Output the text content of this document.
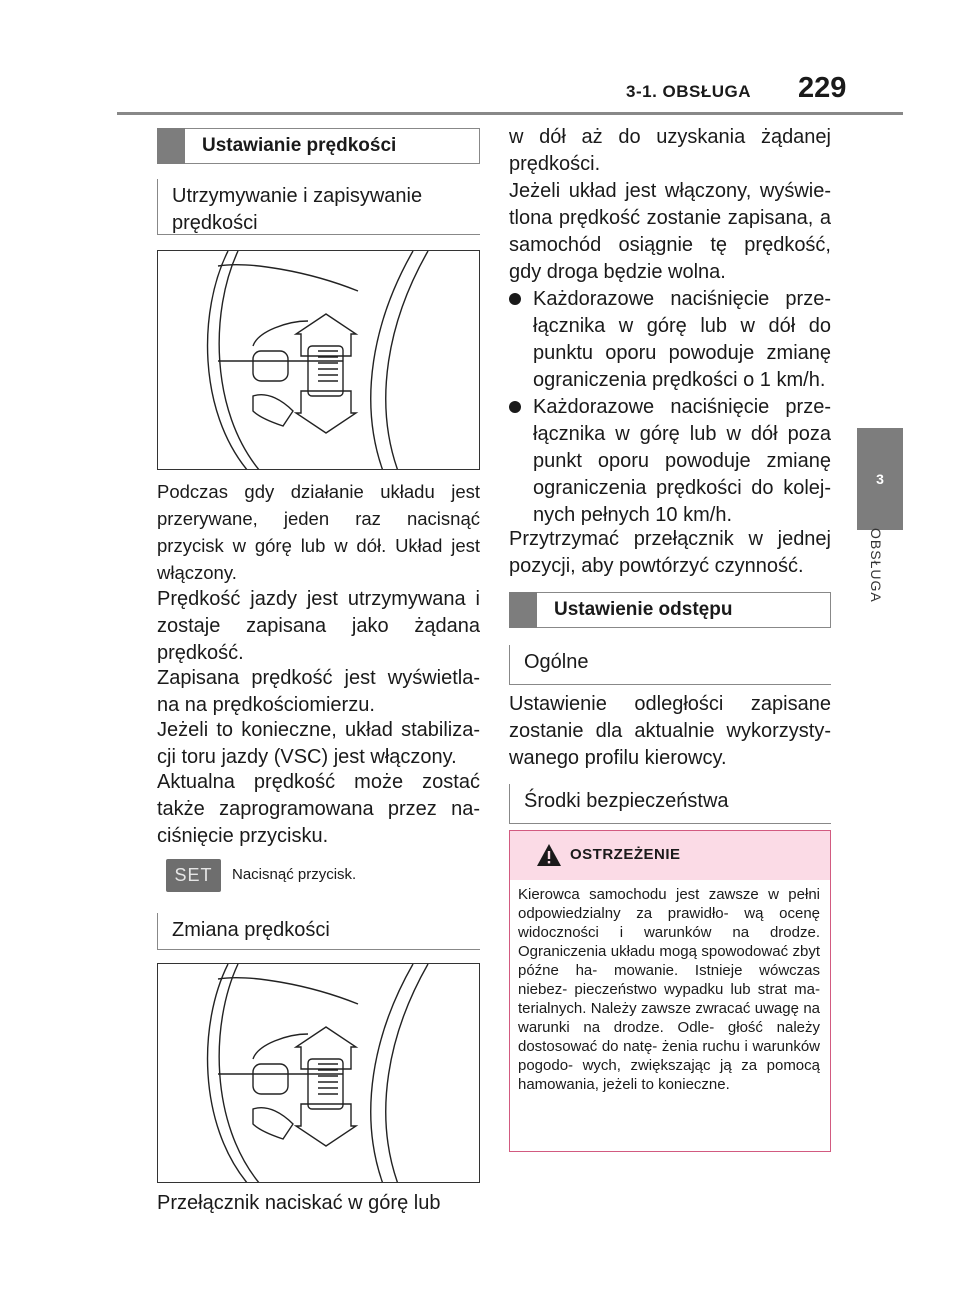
3-1. OBSŁUGA 229
3
OBSŁUGA
Ustawianie prędkości
Utrzymywanie i zapisywanie prędkości
Podczas gdy działanie układu jest przerywane, jeden raz nacisnąć przycisk w górę lub w dół. Układ jest włączony.
Prędkość jazdy jest utrzymywana i zostaje zapisana jako żądana prędkość.
Zapisana prędkość jest wyświetla- na na prędkościomierzu.
Jeżeli to konieczne, układ stabiliza- cji toru jazdy (VSC) jest włączony.
Aktualna prędkość może zostać także zaprogramowana przez na- ciśnięcie przycisku.
SET	Nacisnąć przycisk.
Zmiana prędkości
Przełącznik naciskać w górę lub
w dół aż do uzyskania żądanej prędkości.
Jeżeli układ jest włączony, wyświe- tlona prędkość zostanie zapisana, a samochód osiągnie tę prędkość, gdy droga będzie wolna.
Każdorazowe naciśnięcie prze- łącznika w górę lub w dół do punktu oporu powoduje zmianę ograniczenia prędkości o 1 km/h.
Każdorazowe naciśnięcie prze- łącznika w górę lub w dół poza punkt oporu powoduje zmianę ograniczenia prędkości do kolej- nych pełnych 10 km/h.
Przytrzymać przełącznik w jednej pozycji, aby powtórzyć czynność.
Ustawienie odstępu
Ogólne
Ustawienie odległości zapisane zostanie dla aktualnie wykorzysty- wanego profilu kierowcy.
Środki bezpieczeństwa
OSTRZEŻENIE
Kierowca samochodu jest zawsze w pełni odpowiedzialny za prawidło- wą ocenę widoczności i warunków na drodze. Ograniczenia układu mogą spowodować zbyt późne ha- mowanie. Istnieje wówczas niebez- pieczeństwo wypadku lub strat ma- terialnych. Należy zawsze zwracać uwagę na warunki na drodze. Odle- głość należy dostosować do natę- żenia ruchu i warunków pogodo- wych, zwiększając ją za pomocą hamowania, jeżeli to konieczne.
